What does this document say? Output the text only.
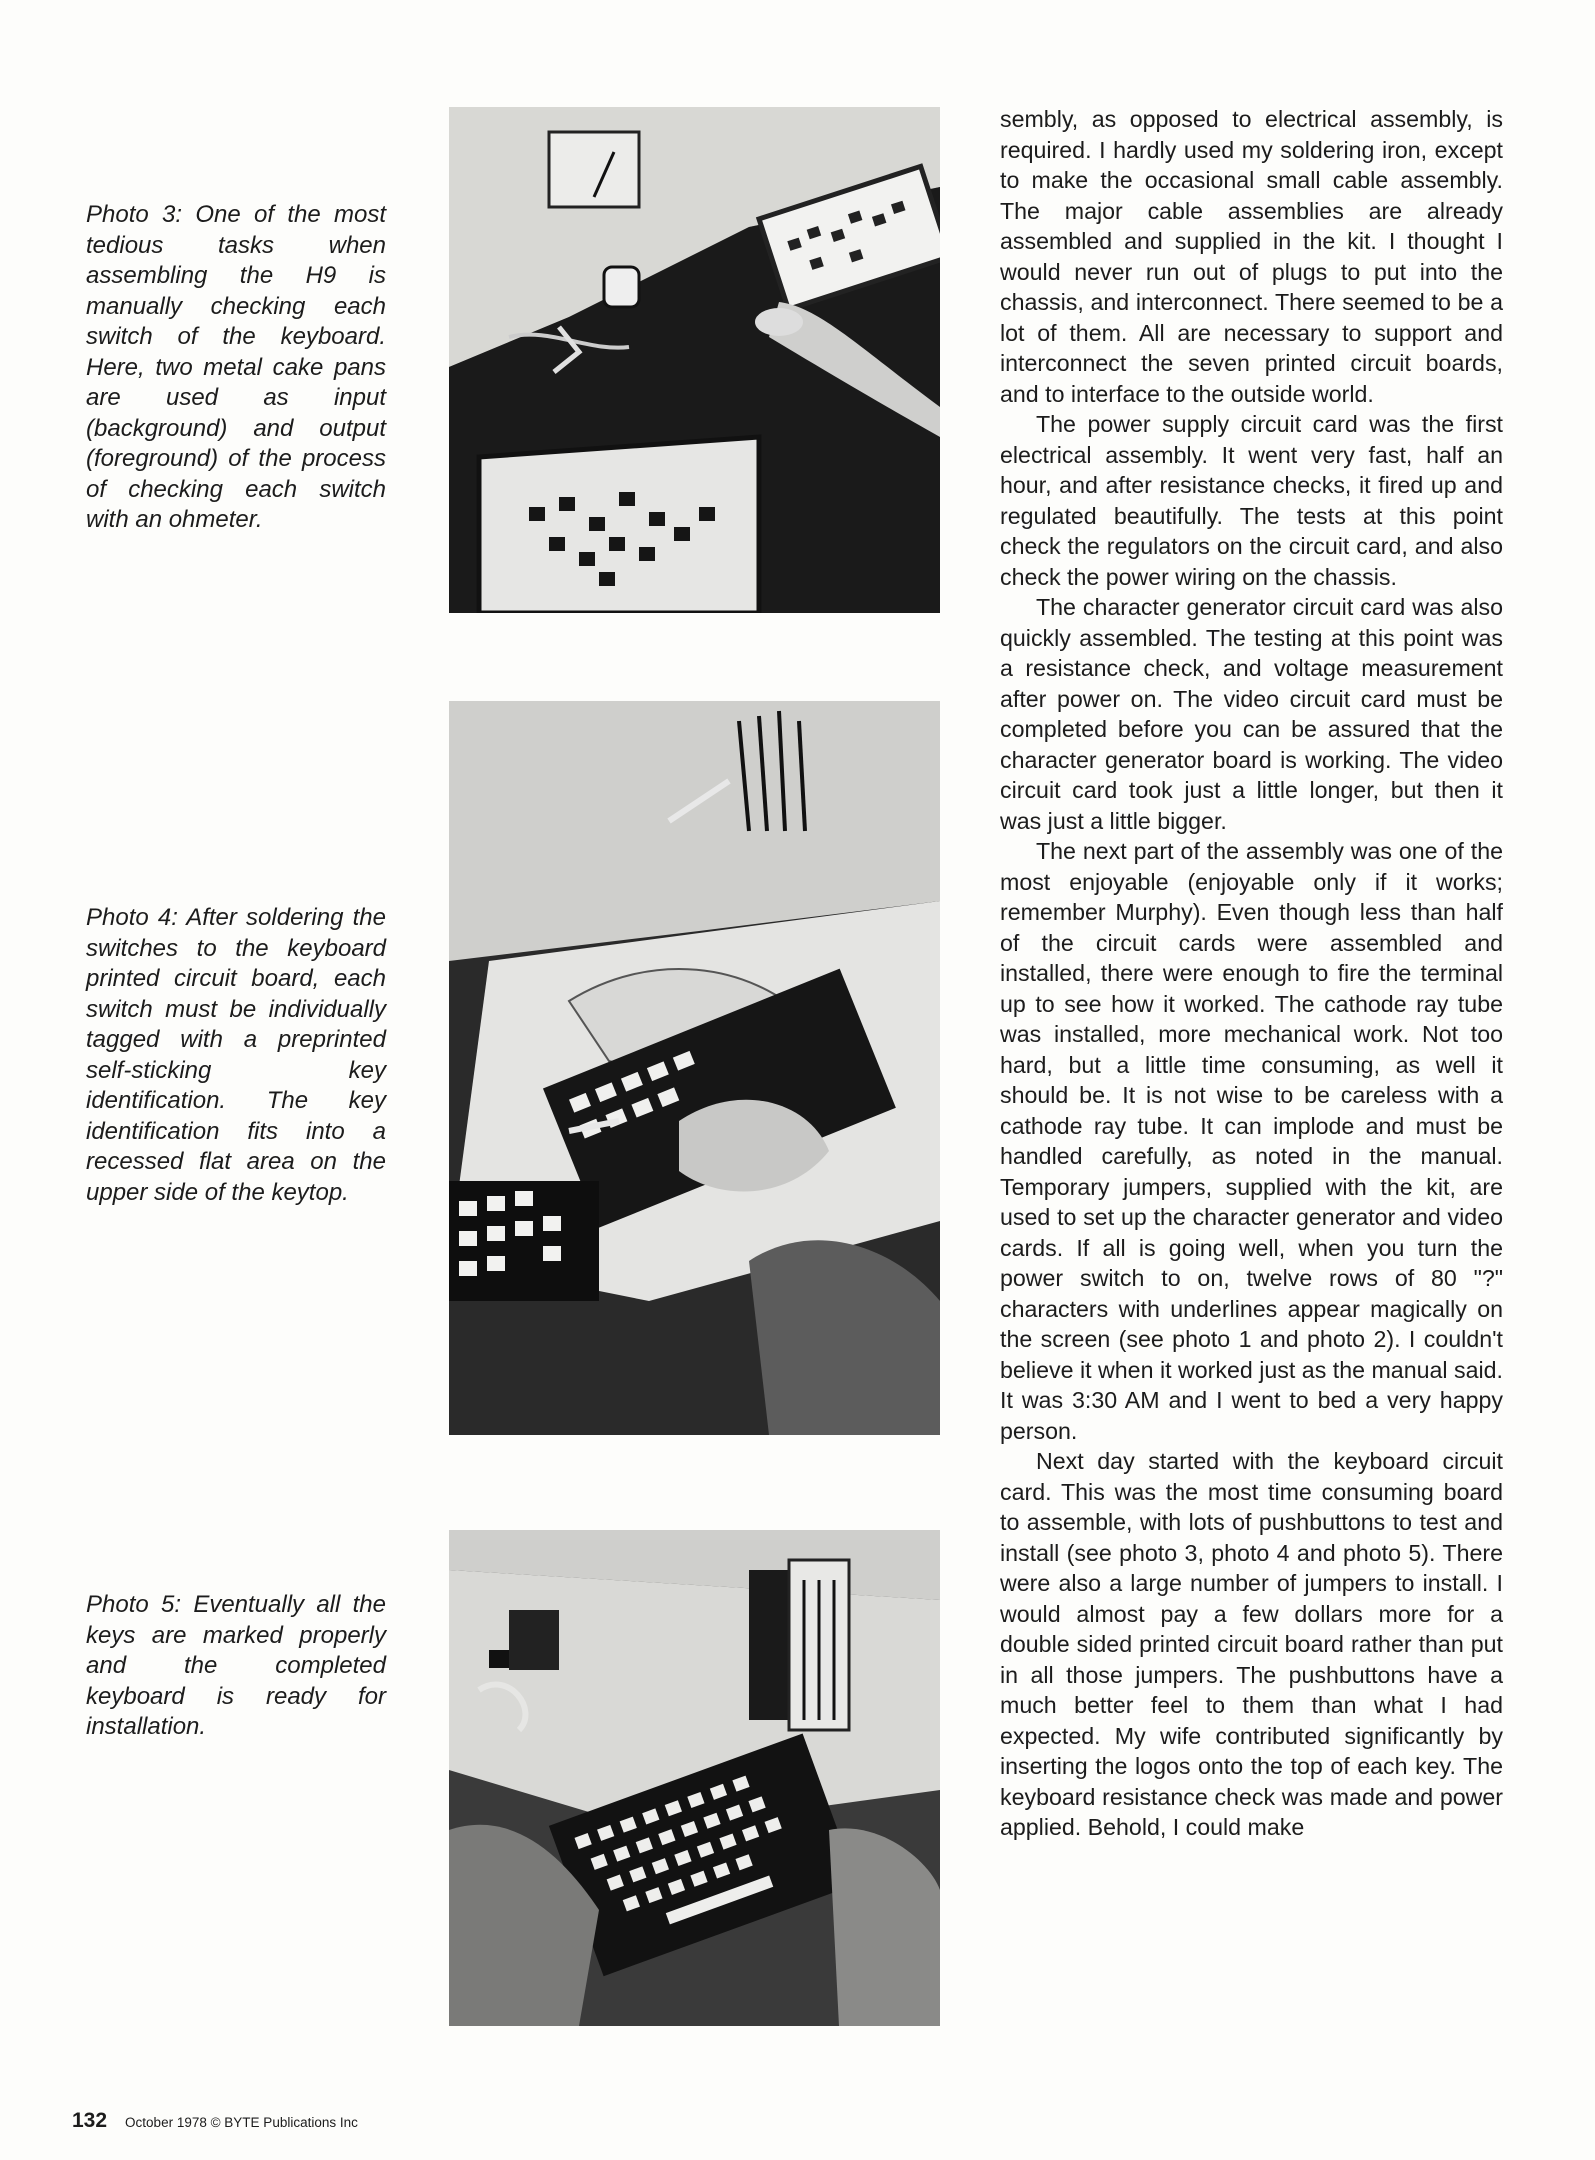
Photo 3: One of the most tedious tasks when assembling the H9 is manually checking each switch of the keyboard. Here, two metal cake pans are used as input (background) and output (foreground) of the process of checking each switch with an ohmeter.

Photo 4: After soldering the switches to the keyboard printed circuit board, each switch must be individually tagged with a preprinted self-sticking key identification. The key identification fits into a recessed flat area on the upper side of the keytop.

Photo 5: Eventually all the keys are marked properly and the completed keyboard is ready for installation.

sembly, as opposed to electrical assembly, is required. I hardly used my soldering iron, except to make the occasional small cable assembly. The major cable assemblies are already assembled and supplied in the kit. I thought I would never run out of plugs to put into the chassis, and interconnect. There seemed to be a lot of them. All are necessary to support and interconnect the seven printed circuit boards, and to interface to the outside world.

The power supply circuit card was the first electrical assembly. It went very fast, half an hour, and after resistance checks, it fired up and regulated beautifully. The tests at this point check the regulators on the circuit card, and also check the power wiring on the chassis.

The character generator circuit card was also quickly assembled. The testing at this point was a resistance check, and voltage measurement after power on. The video circuit card must be completed before you can be assured that the character generator board is working. The video circuit card took just a little longer, but then it was just a little bigger.

The next part of the assembly was one of the most enjoyable (enjoyable only if it works; remember Murphy). Even though less than half of the circuit cards were assembled and installed, there were enough to fire the terminal up to see how it worked. The cathode ray tube was installed, more mechanical work. Not too hard, but a little time consuming, as well it should be. It is not wise to be careless with a cathode ray tube. It can implode and must be handled carefully, as noted in the manual. Temporary jumpers, supplied with the kit, are used to set up the character generator and video cards. If all is going well, when you turn the power switch to on, twelve rows of 80 "?" characters with underlines appear magically on the screen (see photo 1 and photo 2). I couldn't believe it when it worked just as the manual said. It was 3:30 AM and I went to bed a very happy person.

Next day started with the keyboard circuit card. This was the most time consuming board to assemble, with lots of pushbuttons to test and install (see photo 3, photo 4 and photo 5). There were also a large number of jumpers to install. I would almost pay a few dollars more for a double sided printed circuit board rather than put in all those jumpers. The pushbuttons have a much better feel to them than what I had expected. My wife contributed significantly by inserting the logos onto the top of each key. The keyboard resistance check was made and power applied. Behold, I could make

132 October 1978 © BYTE Publications Inc
